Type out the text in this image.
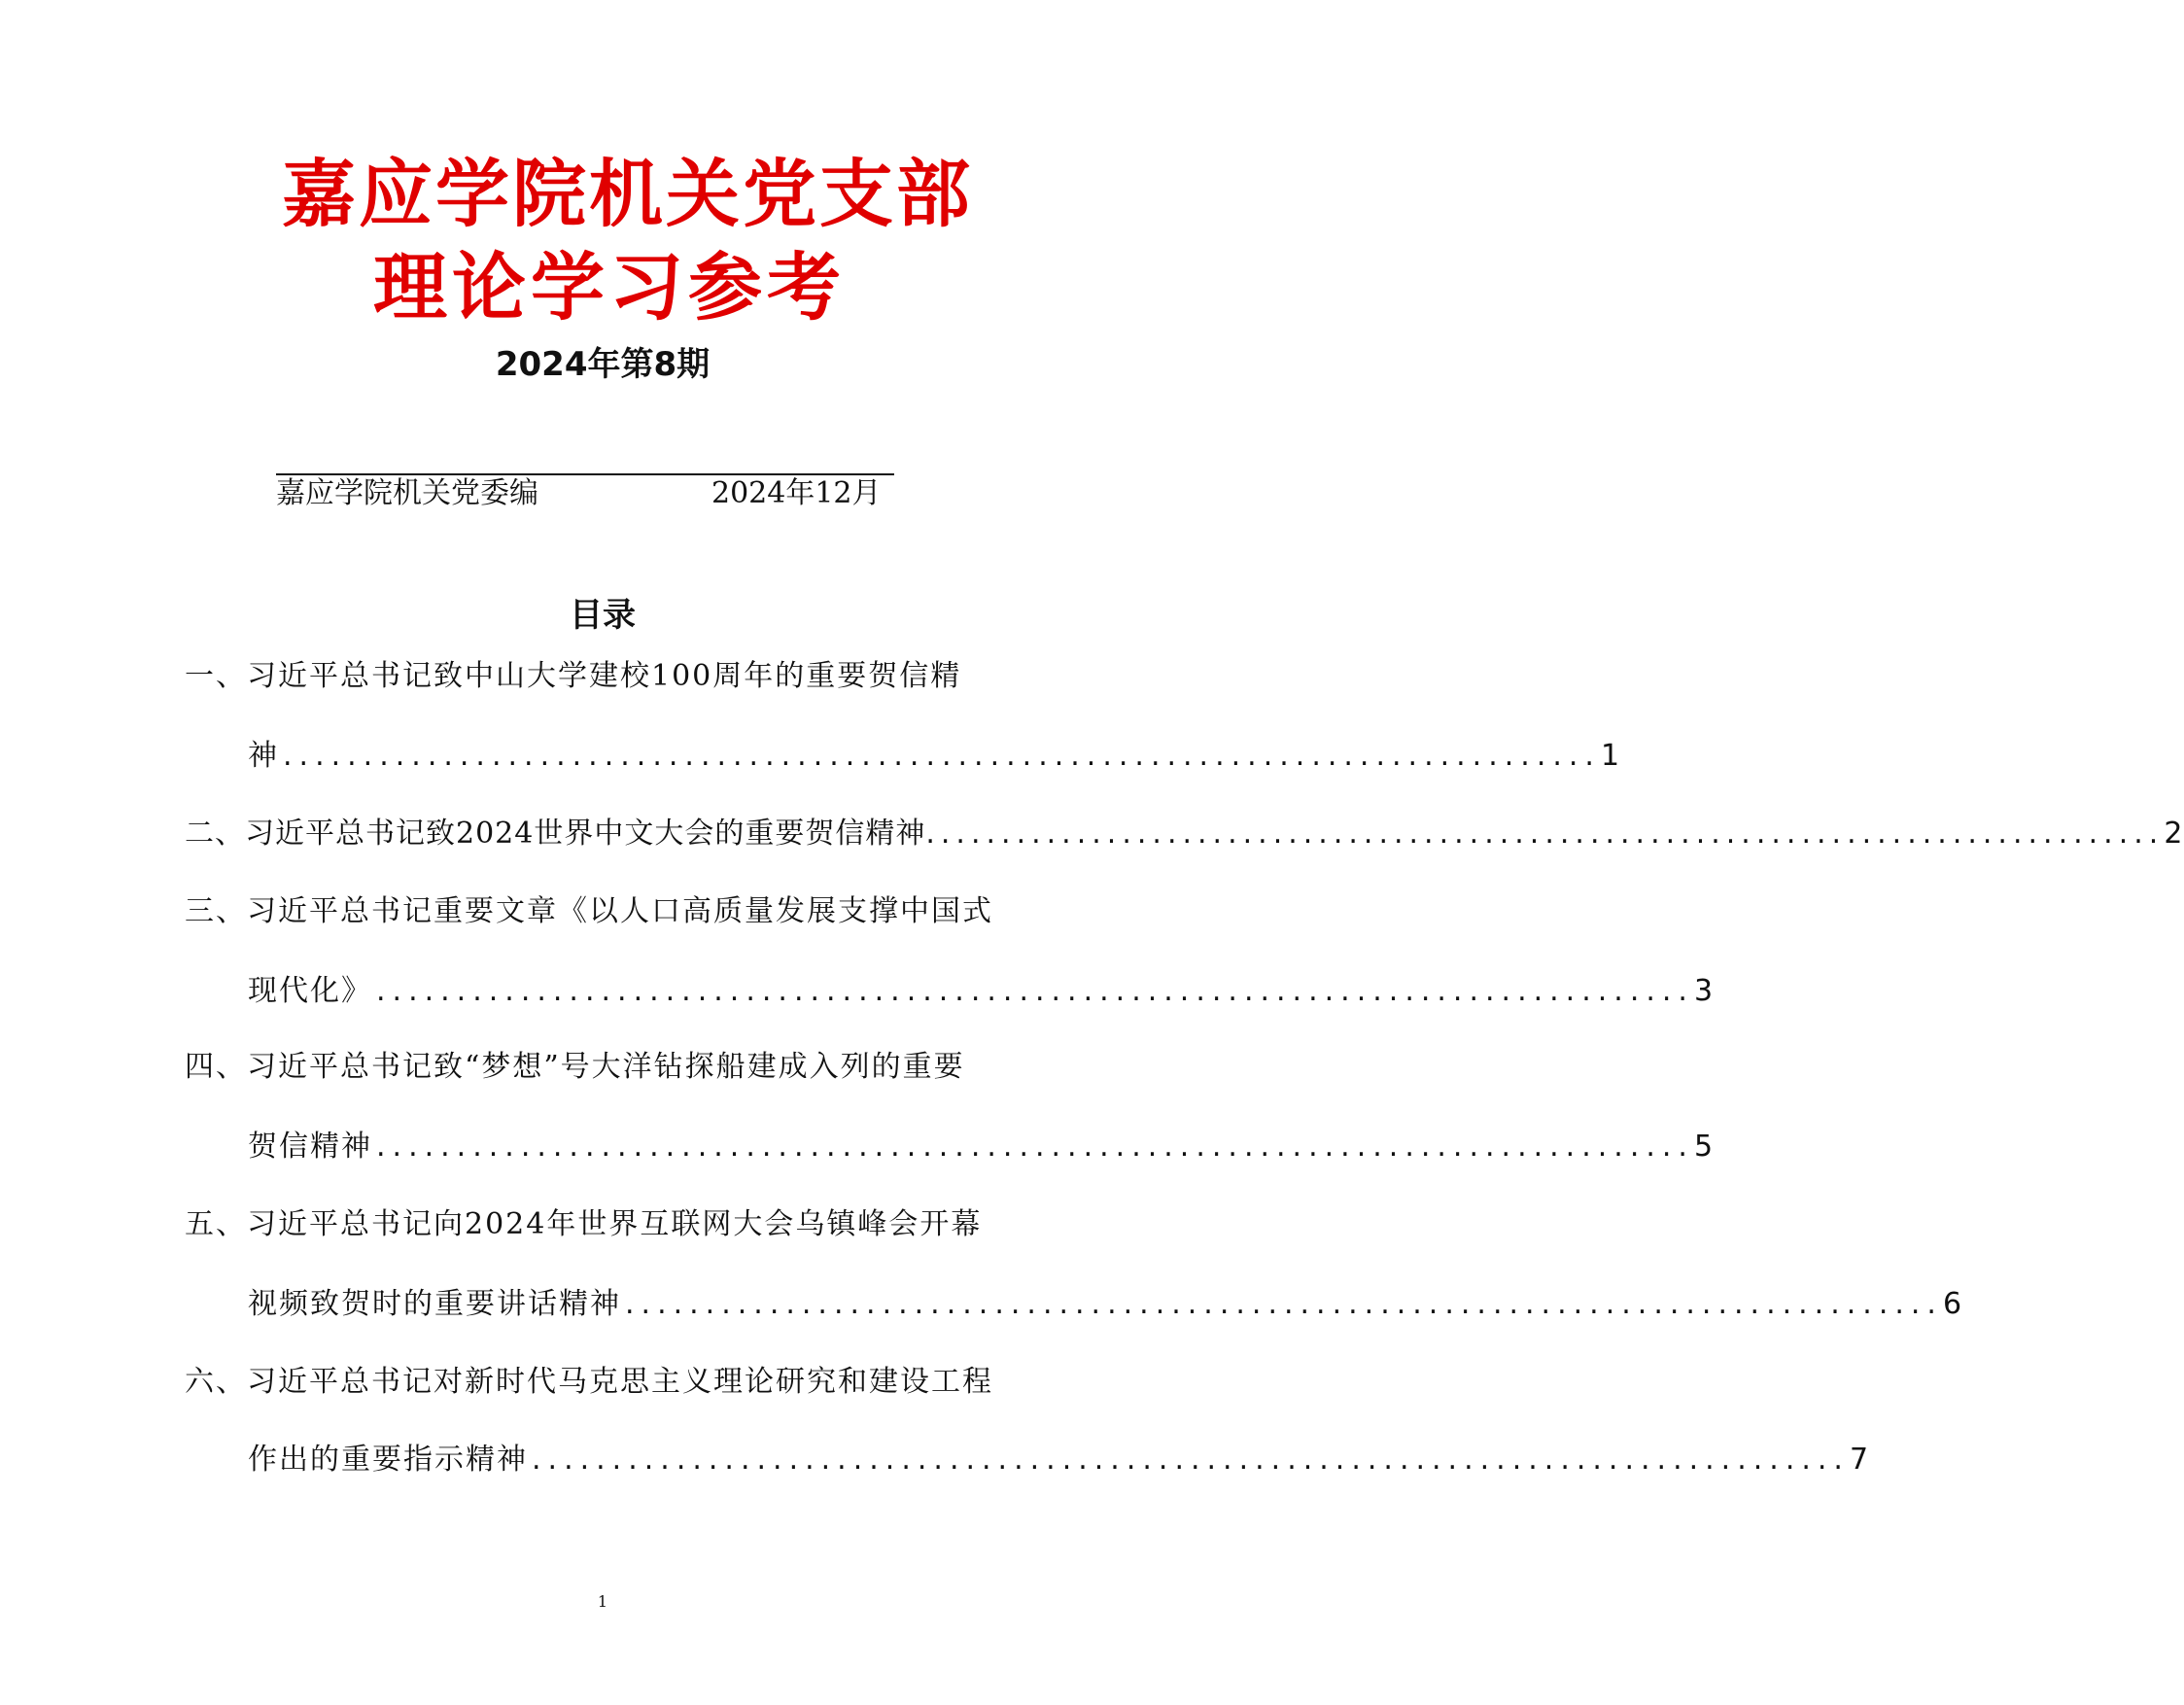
嘉应学院机关党支部
理论学习参考
2024年第8期
嘉应学院机关党委编	2024年12月
目录
一、习近平总书记致中山大学建校100周年的重要贺信精
神 .................................................................................. 1
二、习近平总书记致2024世界中文大会的重要贺信精神 .................................................................................. 2
三、习近平总书记重要文章《以人口高质量发展支撑中国式
现代化》 .................................................................................. 3
四、习近平总书记致“梦想”号大洋钻探船建成入列的重要
贺信精神 .................................................................................. 5
五、习近平总书记向2024年世界互联网大会乌镇峰会开幕
视频致贺时的重要讲话精神 .................................................................................. 6
六、习近平总书记对新时代马克思主义理论研究和建设工程
作出的重要指示精神 .................................................................................. 7
1
